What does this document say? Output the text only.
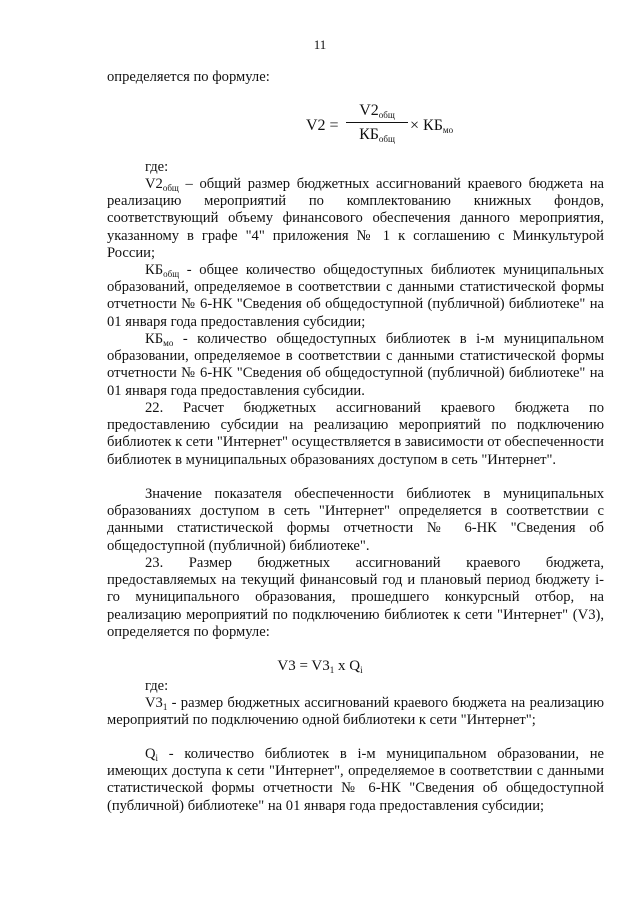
11
определяется по формуле:
V2 =
$V2_{общ}$
$КБ_{общ}$
× $КБ_{мо}$
где:
$V2_{общ}$ – общий размер бюджетных ассигнований краевого бюджета на реализацию мероприятий по комплектованию книжных фондов, соответствующий объему финансового обеспечения данного мероприятия, указанному в графе "4" приложения № 1 к соглашению с Минкультурой России;
$КБ_{общ}$ - общее количество общедоступных библиотек муниципальных образований, определяемое в соответствии с данными статистической формы отчетности № 6-НК "Сведения об общедоступной (публичной) библиотеке" на 01 января года предоставления субсидии;
$КБ_{мо}$ - количество общедоступных библиотек в i-м муниципальном образовании, определяемое в соответствии с данными статистической формы отчетности № 6-НК "Сведения об общедоступной (публичной) библиотеке" на 01 января года предоставления субсидии.
22. Расчет бюджетных ассигнований краевого бюджета по предоставлению субсидии на реализацию мероприятий по подключению библиотек к сети "Интернет" осуществляется в зависимости от обеспеченности библиотек в муниципальных образованиях доступом в сеть "Интернет".
Значение показателя обеспеченности библиотек в муниципальных образованиях доступом в сеть "Интернет" определяется в соответствии с данными статистической формы отчетности № 6-НК "Сведения об общедоступной (публичной) библиотеке".
23. Размер бюджетных ассигнований краевого бюджета, предоставляемых на текущий финансовый год и плановый период бюджету i-го муниципального образования, прошедшего конкурсный отбор, на реализацию мероприятий по подключению библиотек к сети "Интернет" (V3), определяется по формуле:
$V3 = V3_1$ x $Q_i$
где:
$V3_1$ - размер бюджетных ассигнований краевого бюджета на реализацию мероприятий по подключению одной библиотеки к сети "Интернет";
$Q_i$ - количество библиотек в i-м муниципальном образовании, не имеющих доступа к сети "Интернет", определяемое в соответствии с данными статистической формы отчетности № 6-НК "Сведения об общедоступной (публичной) библиотеке" на 01 января года предоставления субсидии;
